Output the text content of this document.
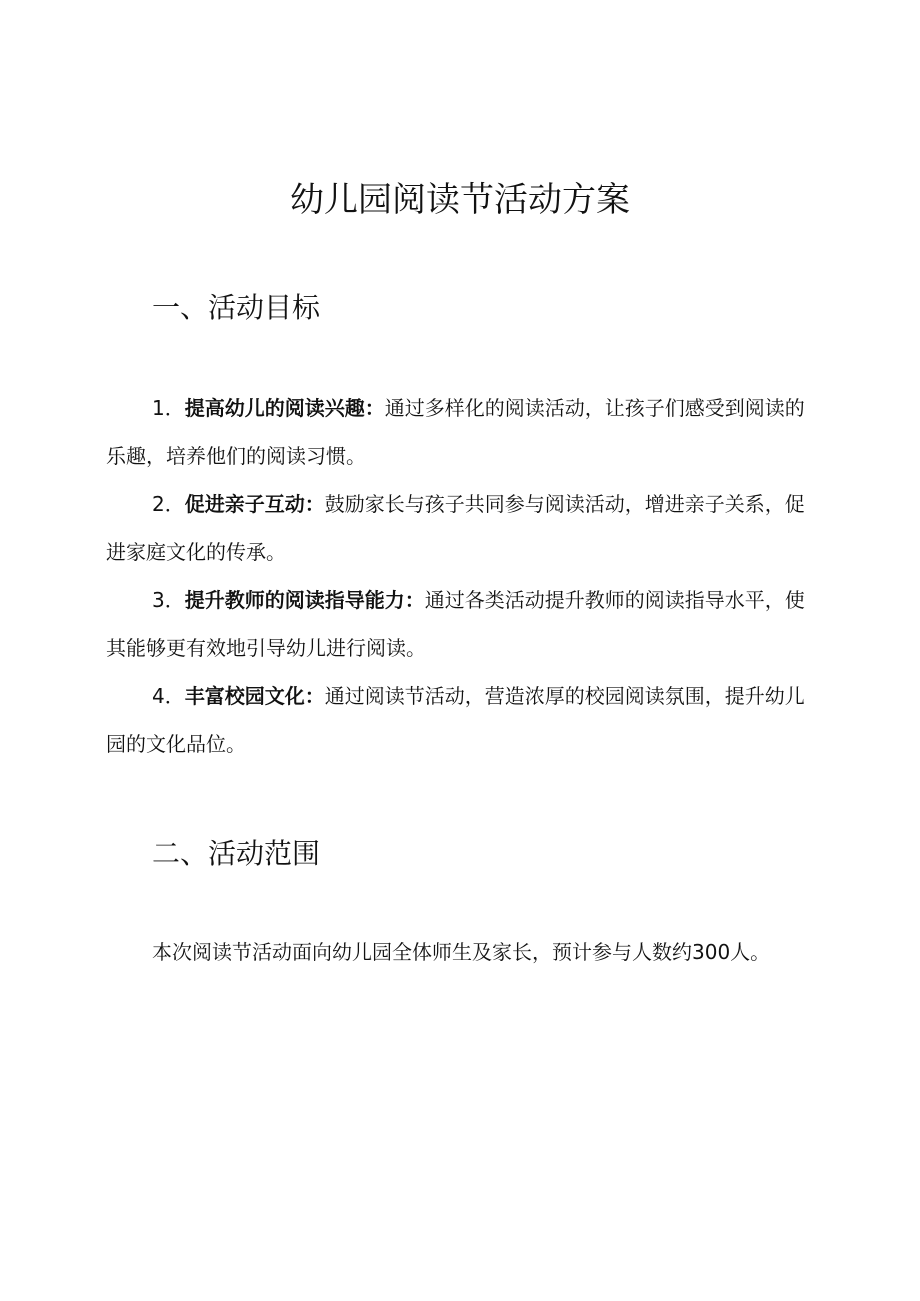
幼儿园阅读节活动方案
一、活动目标

1．提高幼儿的阅读兴趣：通过多样化的阅读活动，让孩子们感受到阅读的乐趣，培养他们的阅读习惯。

2．促进亲子互动：鼓励家长与孩子共同参与阅读活动，增进亲子关系，促进家庭文化的传承。

3．提升教师的阅读指导能力：通过各类活动提升教师的阅读指导水平，使其能够更有效地引导幼儿进行阅读。

4．丰富校园文化：通过阅读节活动，营造浓厚的校园阅读氛围，提升幼儿园的文化品位。

二、活动范围

本次阅读节活动面向幼儿园全体师生及家长，预计参与人数约300人。
